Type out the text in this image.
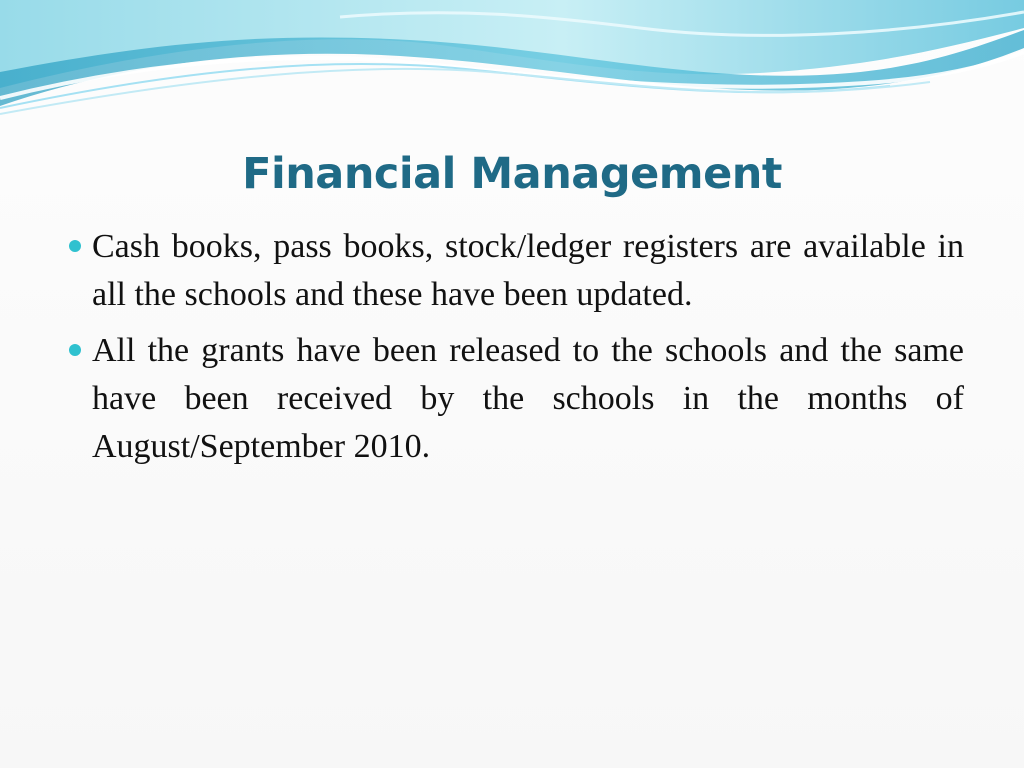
Financial Management
Cash books, pass books, stock/ledger registers are available in all the schools and these have been updated.
All the grants have been released to the schools and the same have been received by the schools in the months of August/September 2010.
